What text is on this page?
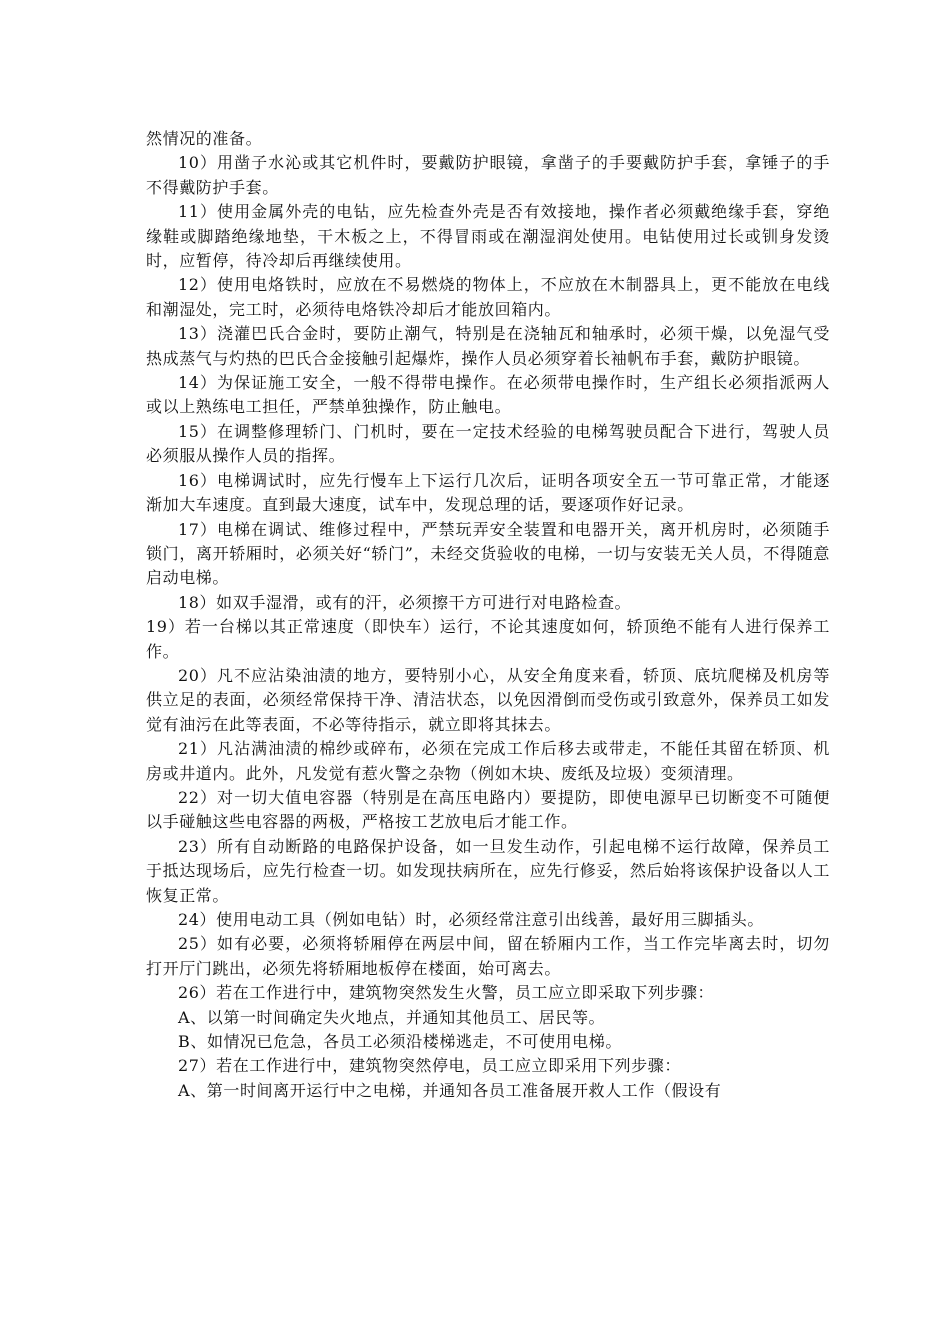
然情况的准备。

10）用凿子水沁或其它机件时，要戴防护眼镜，拿凿子的手要戴防护手套，拿锤子的手不得戴防护手套。

11）使用金属外壳的电钻，应先检查外壳是否有效接地，操作者必须戴绝缘手套，穿绝缘鞋或脚踏绝缘地垫，干木板之上，不得冒雨或在潮湿润处使用。电钻使用过长或钏身发烫时，应暂停，待冷却后再继续使用。

12）使用电烙铁时，应放在不易燃烧的物体上，不应放在木制器具上，更不能放在电线和潮湿处，完工时，必须待电烙铁冷却后才能放回箱内。

13）浇灌巴氏合金时，要防止潮气，特别是在浇轴瓦和轴承时，必须干燥，以免湿气受热成蒸气与灼热的巴氏合金接触引起爆炸，操作人员必须穿着长袖帆布手套，戴防护眼镜。

14）为保证施工安全，一般不得带电操作。在必须带电操作时，生产组长必须指派两人或以上熟练电工担任，严禁单独操作，防止触电。

15）在调整修理轿门、门机时，要在一定技术经验的电梯驾驶员配合下进行，驾驶人员必须服从操作人员的指挥。

16）电梯调试时，应先行慢车上下运行几次后，证明各项安全五一节可靠正常，才能逐渐加大车速度。直到最大速度，试车中，发现总理的话，要逐项作好记录。

17）电梯在调试、维修过程中，严禁玩弄安全装置和电器开关，离开机房时，必须随手锁门，离开轿厢时，必须关好“轿门”，未经交货验收的电梯，一切与安装无关人员，不得随意启动电梯。

18）如双手湿滑，或有的汗，必须擦干方可进行对电路检查。

19）若一台梯以其正常速度（即快车）运行，不论其速度如何，轿顶绝不能有人进行保养工作。

20）凡不应沾染油渍的地方，要特别小心，从安全角度来看，轿顶、底坑爬梯及机房等供立足的表面，必须经常保持干净、清洁状态，以免因滑倒而受伤或引致意外，保养员工如发觉有油污在此等表面，不必等待指示，就立即将其抹去。

21）凡沾满油渍的棉纱或碎布，必须在完成工作后移去或带走，不能任其留在轿顶、机房或井道内。此外，凡发觉有惹火警之杂物（例如木块、废纸及垃圾）变须清理。

22）对一切大值电容器（特别是在高压电路内）要提防，即使电源早已切断变不可随便以手碰触这些电容器的两极，严格按工艺放电后才能工作。

23）所有自动断路的电路保护设备，如一旦发生动作，引起电梯不运行故障，保养员工于抵达现场后，应先行检查一切。如发现扶病所在，应先行修妥，然后始将该保护设备以人工恢复正常。

24）使用电动工具（例如电钻）时，必须经常注意引出线善，最好用三脚插头。

25）如有必要，必须将轿厢停在两层中间，留在轿厢内工作，当工作完毕离去时，切勿打开厅门跳出，必须先将轿厢地板停在楼面，始可离去。

26）若在工作进行中，建筑物突然发生火警，员工应立即采取下列步骤：

A、以第一时间确定失火地点，并通知其他员工、居民等。

B、如情况已危急，各员工必须沿楼梯逃走，不可使用电梯。

27）若在工作进行中，建筑物突然停电，员工应立即采用下列步骤：

A、第一时间离开运行中之电梯，并通知各员工准备展开救人工作（假设有
